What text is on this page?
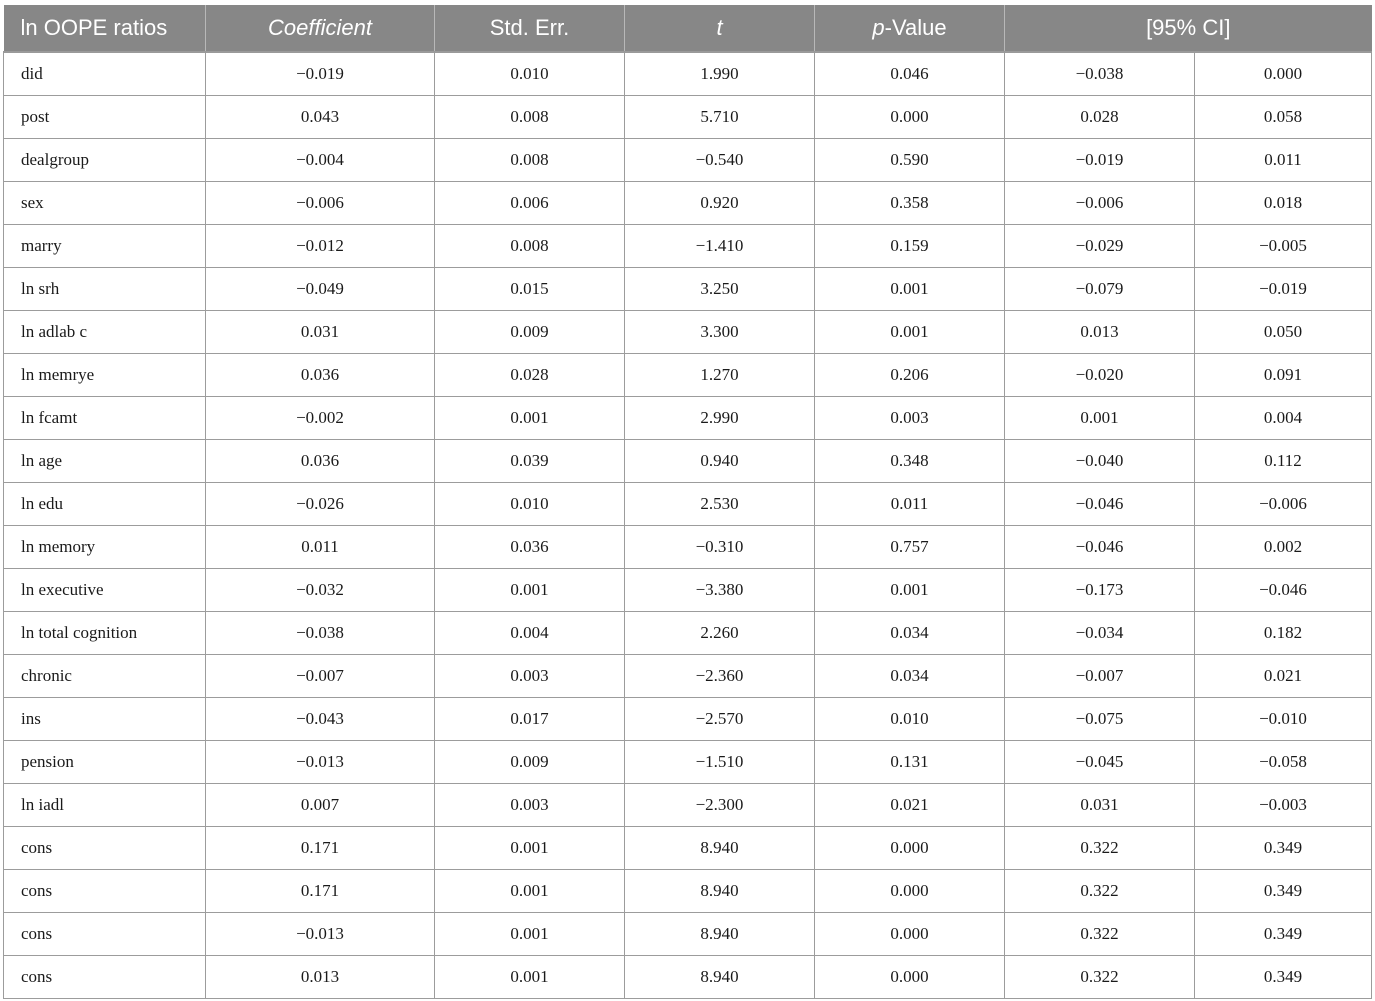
ln OOPE ratios	Coefficient	Std. Err.	t	p-Value	[95% CI]	
did	−0.019	0.010	1.990	0.046	−0.038	0.000
post	0.043	0.008	5.710	0.000	0.028	0.058
dealgroup	−0.004	0.008	−0.540	0.590	−0.019	0.011
sex	−0.006	0.006	0.920	0.358	−0.006	0.018
marry	−0.012	0.008	−1.410	0.159	−0.029	−0.005
ln srh	−0.049	0.015	3.250	0.001	−0.079	−0.019
ln adlab c	0.031	0.009	3.300	0.001	0.013	0.050
ln memrye	0.036	0.028	1.270	0.206	−0.020	0.091
ln fcamt	−0.002	0.001	2.990	0.003	0.001	0.004
ln age	0.036	0.039	0.940	0.348	−0.040	0.112
ln edu	−0.026	0.010	2.530	0.011	−0.046	−0.006
ln memory	0.011	0.036	−0.310	0.757	−0.046	0.002
ln executive	−0.032	0.001	−3.380	0.001	−0.173	−0.046
ln total cognition	−0.038	0.004	2.260	0.034	−0.034	0.182
chronic	−0.007	0.003	−2.360	0.034	−0.007	0.021
ins	−0.043	0.017	−2.570	0.010	−0.075	−0.010
pension	−0.013	0.009	−1.510	0.131	−0.045	−0.058
ln iadl	0.007	0.003	−2.300	0.021	0.031	−0.003
cons	0.171	0.001	8.940	0.000	0.322	0.349
cons	0.171	0.001	8.940	0.000	0.322	0.349
cons	−0.013	0.001	8.940	0.000	0.322	0.349
cons	0.013	0.001	8.940	0.000	0.322	0.349
